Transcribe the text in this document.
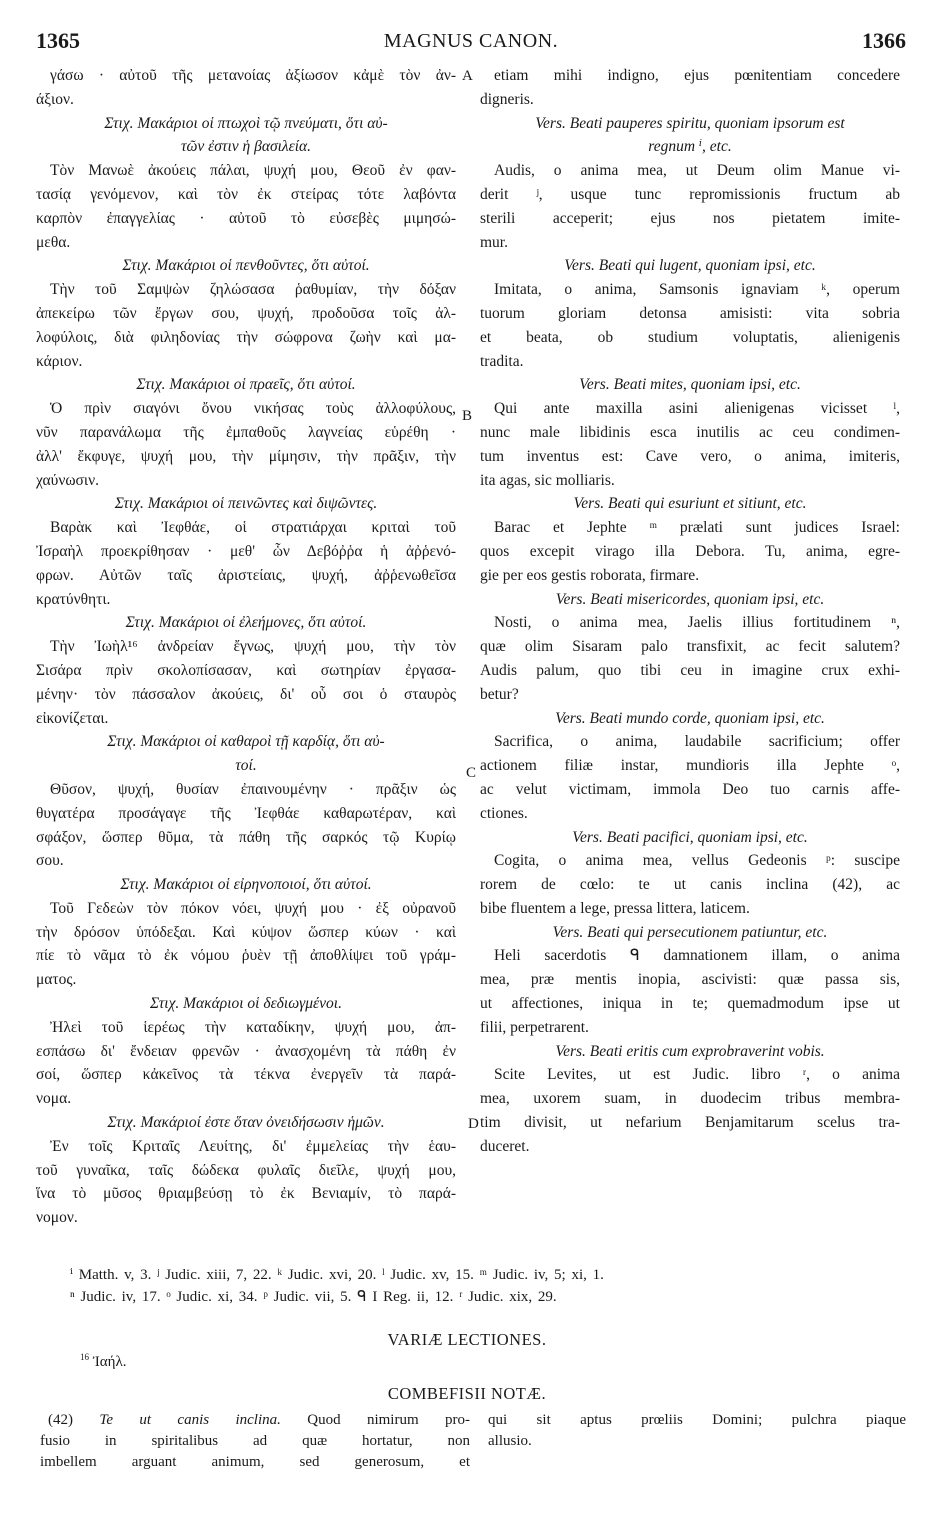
1365	MAGNUS CANON.	1366
γάσω · αὐτοῦ τῆς μετανοίας ἀξίωσον κἀμὲ τὸν ἀν-
άξιον.
Στιχ. Μακάριοι οἱ πτωχοὶ τῷ πνεύματι, ὅτι αὐ-
τῶν ἐστιν ἡ βασιλεία.
Τὸν Μανωὲ ἀκούεις πάλαι, ψυχή μου, Θεοῦ ἐν φαν-
τασίᾳ γενόμενον, καὶ τὸν ἐκ στείρας τότε λαβόντα
καρπὸν ἐπαγγελίας · αὐτοῦ τὸ εὐσεβὲς μιμησώ-
μεθα.
Στιχ. Μακάριοι οἱ πενθοῦντες, ὅτι αὐτοί.
Τὴν τοῦ Σαμψὼν ζηλώσασα ῥαθυμίαν, τὴν δόξαν
ἀπεκείρω τῶν ἔργων σου, ψυχή, προδοῦσα τοῖς ἀλ-
λοφύλοις, διὰ φιληδονίας τὴν σώφρονα ζωὴν καὶ μα-
κάριον.
Στιχ. Μακάριοι οἱ πραεῖς, ὅτι αὐτοί.
Ὁ πρὶν σιαγόνι ὄνου νικήσας τοὺς ἀλλοφύλους,
νῦν παρανάλωμα τῆς ἐμπαθοῦς λαγνείας εὑρέθη ·
ἀλλ' ἔκφυγε, ψυχή μου, τὴν μίμησιν, τὴν πρᾶξιν, τὴν
χαύνωσιν.
Στιχ. Μακάριοι οἱ πεινῶντες καὶ διψῶντες.
Βαρὰκ καὶ Ἰεφθάε, οἱ στρατιάρχαι κριταὶ τοῦ
Ἰσραὴλ προεκρίθησαν · μεθ' ὧν Δεβόῤῥα ἡ ἀῤῥενό-
φρων. Αὐτῶν ταῖς ἀριστείαις, ψυχή, ἀῤῥενωθεῖσα
κρατύνθητι.
Στιχ. Μακάριοι οἱ ἐλεήμονες, ὅτι αὐτοί.
Τὴν Ἰωὴλ¹⁶ ἀνδρείαν ἔγνως, ψυχή μου, τὴν τὸν
Σισάρα πρὶν σκολοπίσασαν, καὶ σωτηρίαν ἐργασα-
μένην· τὸν πάσσαλον ἀκούεις, δι' οὗ σοι ὁ σταυρὸς
εἰκονίζεται.
Στιχ. Μακάριοι οἱ καθαροὶ τῇ καρδίᾳ, ὅτι αὐ-
τοί.
Θῦσον, ψυχή, θυσίαν ἐπαινουμένην · πρᾶξιν ὡς
θυγατέρα προσάγαγε τῆς Ἰεφθάε καθαρωτέραν, καὶ
σφάξον, ὥσπερ θῦμα, τὰ πάθη τῆς σαρκός τῷ Κυρίῳ
σου.
Στιχ. Μακάριοι οἱ εἰρηνοποιοί, ὅτι αὐτοί.
Τοῦ Γεδεὼν τὸν πόκον νόει, ψυχή μου · ἐξ οὐρανοῦ
τὴν δρόσον ὑπόδεξαι. Καὶ κύψον ὥσπερ κύων · καὶ
πίε τὸ νᾶμα τὸ ἐκ νόμου ῥυὲν τῇ ἀποθλίψει τοῦ γράμ-
ματος.
Στιχ. Μακάριοι οἱ δεδιωγμένοι.
Ἠλεὶ τοῦ ἱερέως τὴν καταδίκην, ψυχή μου, ἀπ-
εσπάσω δι' ἔνδειαν φρενῶν · ἀνασχομένη τὰ πάθη ἐν
σοί, ὥσπερ κἀκεῖνος τὰ τέκνα ἐνεργεῖν τὰ παρά-
νομα.
Στιχ. Μακάριοί ἐστε ὅταν ὀνειδήσωσιν ἡμῶν.
Ἐν τοῖς Κριταῖς Λευίτης, δι' ἐμμελείας τὴν ἑαυ-
τοῦ γυναῖκα, ταῖς δώδεκα φυλαῖς διεῖλε, ψυχή μου,
ἵνα τὸ μῦσος θριαμβεύσῃ τὸ ἐκ Βενιαμίν, τὸ παρά-
νομον.
etiam mihi indigno, ejus pœnitentiam concedere
digneris.
Vers. Beati pauperes spiritu, quoniam ipsorum est
regnum ⁱ, etc.
Audis, o anima mea, ut Deum olim Manue vi-
derit ʲ, usque tunc repromissionis fructum ab
sterili acceperit; ejus nos pietatem imite-
mur.
Vers. Beati qui lugent, quoniam ipsi, etc.
Imitata, o anima, Samsonis ignaviam ᵏ, operum
tuorum gloriam detonsa amisisti: vita sobria
et beata, ob studium voluptatis, alienigenis
tradita.
Vers. Beati mites, quoniam ipsi, etc.
Qui ante maxilla asini alienigenas vicisset ˡ,
nunc male libidinis esca inutilis ac ceu condimen-
tum inventus est: Cave vero, o anima, imiteris,
ita agas, sic molliaris.
Vers. Beati qui esuriunt et sitiunt, etc.
Barac et Jephte ᵐ prælati sunt judices Israel:
quos excepit virago illa Debora. Tu, anima, egre-
gie per eos gestis roborata, firmare.
Vers. Beati misericordes, quoniam ipsi, etc.
Nosti, o anima mea, Jaelis illius fortitudinem ⁿ,
quæ olim Sisaram palo transfixit, ac fecit salutem?
Audis palum, quo tibi ceu in imagine crux exhi-
betur?
Vers. Beati mundo corde, quoniam ipsi, etc.
Sacrifica, o anima, laudabile sacrificium; offer
actionem filiæ instar, mundioris illa Jephte ᵒ,
ac velut victimam, immola Deo tuo carnis affe-
ctiones.
Vers. Beati pacifici, quoniam ipsi, etc.
Cogita, o anima mea, vellus Gedeonis ᵖ: suscipe
rorem de cœlo: te ut canis inclina (42), ac
bibe fluentem a lege, pressa littera, laticem.
Vers. Beati qui persecutionem patiuntur, etc.
Heli sacerdotis ᑫ damnationem illam, o anima
mea, præ mentis inopia, ascivisti: quæ passa sis,
ut affectiones, iniqua in te; quemadmodum ipse ut
filii, perpetrarent.
Vers. Beati eritis cum exprobraverint vobis.
Scite Levites, ut est Judic. libro ʳ, o anima
mea, uxorem suam, in duodecim tribus membra-
tim divisit, ut nefarium Benjamitarum scelus tra-
duceret.
A
B
C
D
ⁱ Matth. v, 3. ʲ Judic. xiii, 7, 22. ᵏ Judic. xvi, 20. ˡ Judic. xv, 15. ᵐ Judic. iv, 5; xi, 1.
ⁿ Judic. iv, 17. ᵒ Judic. xi, 34. ᵖ Judic. vii, 5. ᑫ I Reg. ii, 12. ʳ Judic. xix, 29.
VARIÆ LECTIONES.
$^{16}$ Ἰαήλ.
COMBEFISII NOTÆ.
(42) Te ut canis inclina. Quod nimirum pro-
fusio in spiritalibus ad quæ hortatur, non
imbellem arguant animum, sed generosum, et
qui sit aptus prœliis Domini; pulchra piaque
allusio.
